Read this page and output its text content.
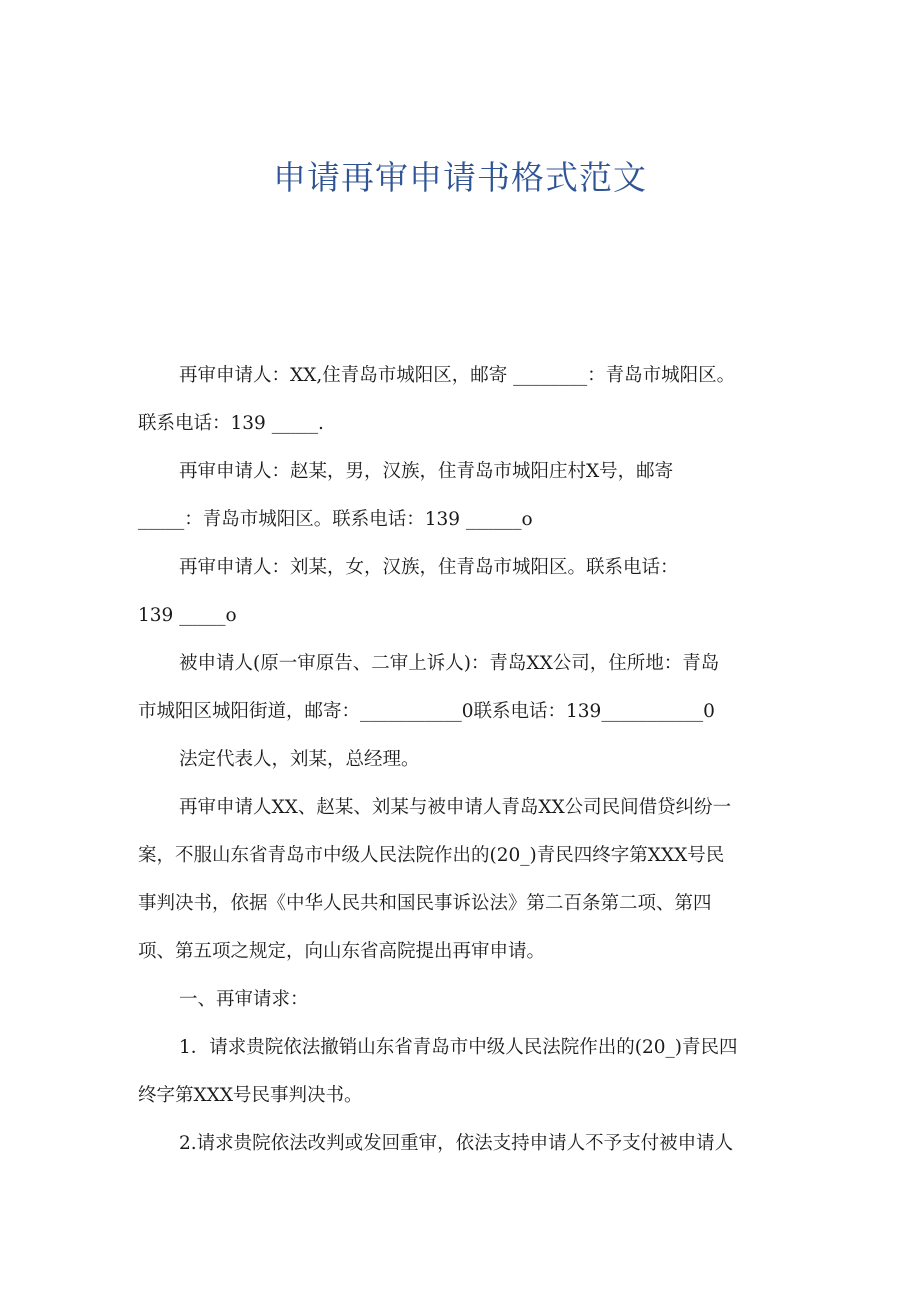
申请再审申请书格式范文
再审申请人：XX,住青岛市城阳区，邮寄 ________：青岛市城阳区。
联系电话：139 _____.
再审申请人：赵某，男，汉族，住青岛市城阳庄村X号，邮寄
_____：青岛市城阳区。联系电话：139 ______o
再审申请人：刘某，女，汉族，住青岛市城阳区。联系电话：
139 _____o
被申请人(原一审原告、二审上诉人)：青岛XX公司，住所地：青岛
市城阳区城阳街道，邮寄：___________0联系电话：139___________0
法定代表人，刘某，总经理。
再审申请人XX、赵某、刘某与被申请人青岛XX公司民间借贷纠纷一
案，不服山东省青岛市中级人民法院作出的(20_)青民四终字第XXX号民
事判决书，依据《中华人民共和国民事诉讼法》第二百条第二项、第四
项、第五项之规定，向山东省高院提出再审申请。
一、再审请求：
1．请求贵院依法撤销山东省青岛市中级人民法院作出的(20_)青民四
终字第XXX号民事判决书。
2.请求贵院依法改判或发回重审，依法支持申请人不予支付被申请人
